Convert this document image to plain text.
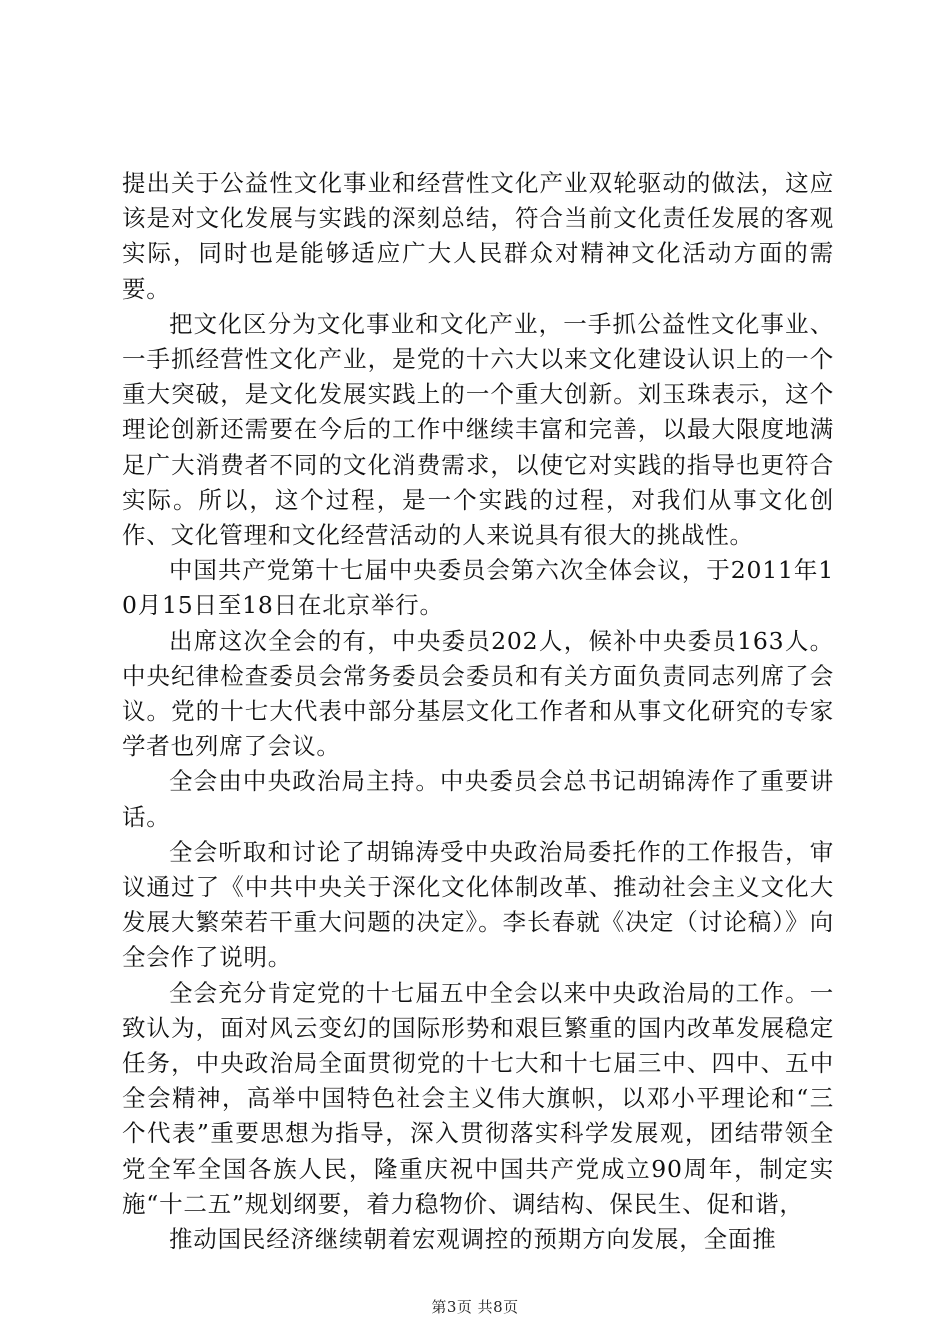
提出关于公益性文化事业和经营性文化产业双轮驱动的做法，这应该是对文化发展与实践的深刻总结，符合当前文化责任发展的客观实际，同时也是能够适应广大人民群众对精神文化活动方面的需要。

把文化区分为文化事业和文化产业，一手抓公益性文化事业、一手抓经营性文化产业，是党的十六大以来文化建设认识上的一个重大突破，是文化发展实践上的一个重大创新。刘玉珠表示，这个理论创新还需要在今后的工作中继续丰富和完善，以最大限度地满足广大消费者不同的文化消费需求，以使它对实践的指导也更符合实际。所以，这个过程，是一个实践的过程，对我们从事文化创作、文化管理和文化经营活动的人来说具有很大的挑战性。

中国共产党第十七届中央委员会第六次全体会议，于2011年10月15日至18日在北京举行。

出席这次全会的有，中央委员202人，候补中央委员163人。中央纪律检查委员会常务委员会委员和有关方面负责同志列席了会议。党的十七大代表中部分基层文化工作者和从事文化研究的专家学者也列席了会议。

全会由中央政治局主持。中央委员会总书记胡锦涛作了重要讲话。

全会听取和讨论了胡锦涛受中央政治局委托作的工作报告，审议通过了《中共中央关于深化文化体制改革、推动社会主义文化大发展大繁荣若干重大问题的决定》。李长春就《决定（讨论稿）》向全会作了说明。

全会充分肯定党的十七届五中全会以来中央政治局的工作。一致认为，面对风云变幻的国际形势和艰巨繁重的国内改革发展稳定任务，中央政治局全面贯彻党的十七大和十七届三中、四中、五中全会精神，高举中国特色社会主义伟大旗帜，以邓小平理论和“三个代表”重要思想为指导，深入贯彻落实科学发展观，团结带领全党全军全国各族人民，隆重庆祝中国共产党成立90周年，制定实施“十二五”规划纲要，着力稳物价、调结构、保民生、促和谐，

推动国民经济继续朝着宏观调控的预期方向发展，全面推

第3页 共8页
